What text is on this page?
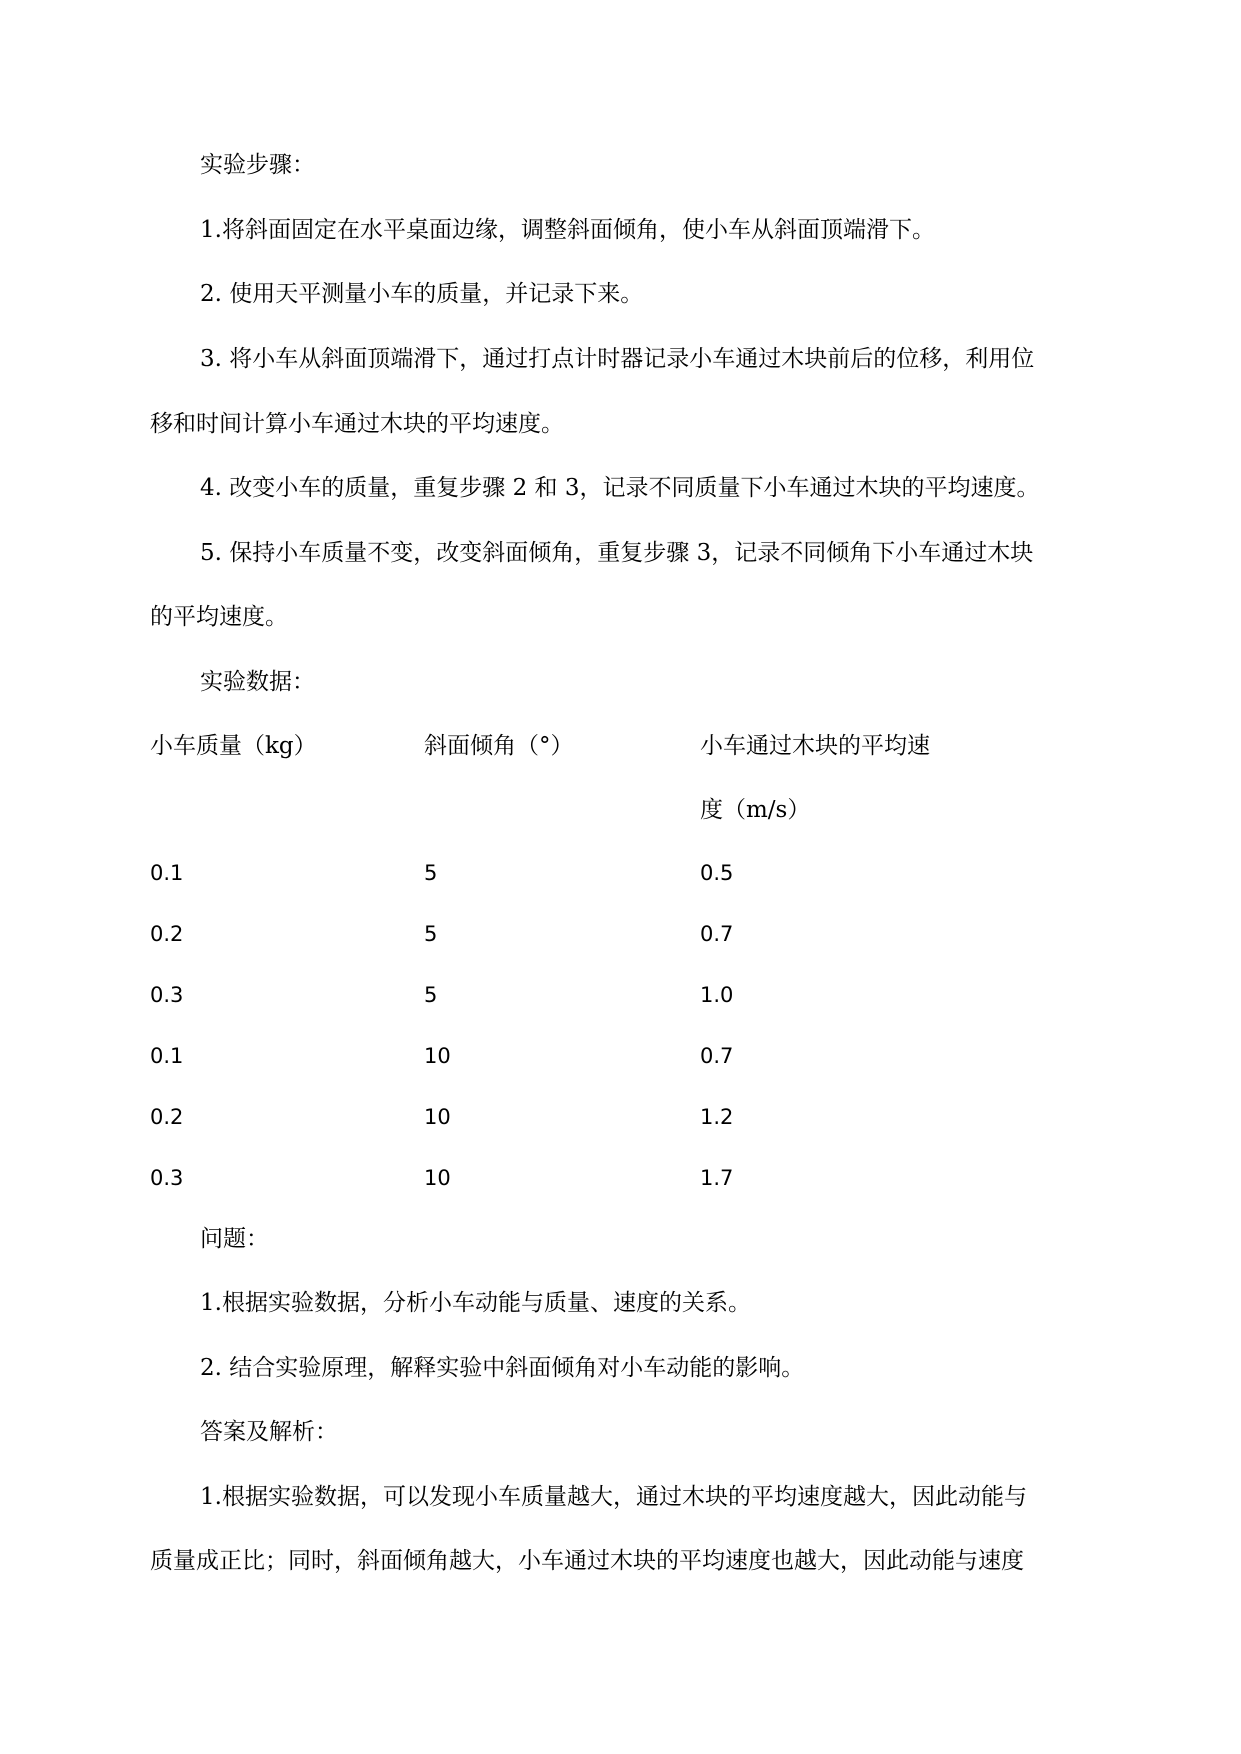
实验步骤：
1.将斜面固定在水平桌面边缘，调整斜面倾角，使小车从斜面顶端滑下。
2. 使用天平测量小车的质量，并记录下来。
3. 将小车从斜面顶端滑下，通过打点计时器记录小车通过木块前后的位移，利用位
移和时间计算小车通过木块的平均速度。
4. 改变小车的质量，重复步骤 2 和 3，记录不同质量下小车通过木块的平均速度。
5. 保持小车质量不变，改变斜面倾角，重复步骤 3，记录不同倾角下小车通过木块
的平均速度。
实验数据：
小车质量（kg）	斜面倾角（°）	小车通过木块的平均速
度（m/s）
0.1	5	0.5
0.2	5	0.7
0.3	5	1.0
0.1	10	0.7
0.2	10	1.2
0.3	10	1.7
问题：
1.根据实验数据，分析小车动能与质量、速度的关系。
2. 结合实验原理，解释实验中斜面倾角对小车动能的影响。
答案及解析：
1.根据实验数据，可以发现小车质量越大，通过木块的平均速度越大，因此动能与
质量成正比；同时，斜面倾角越大，小车通过木块的平均速度也越大，因此动能与速度
